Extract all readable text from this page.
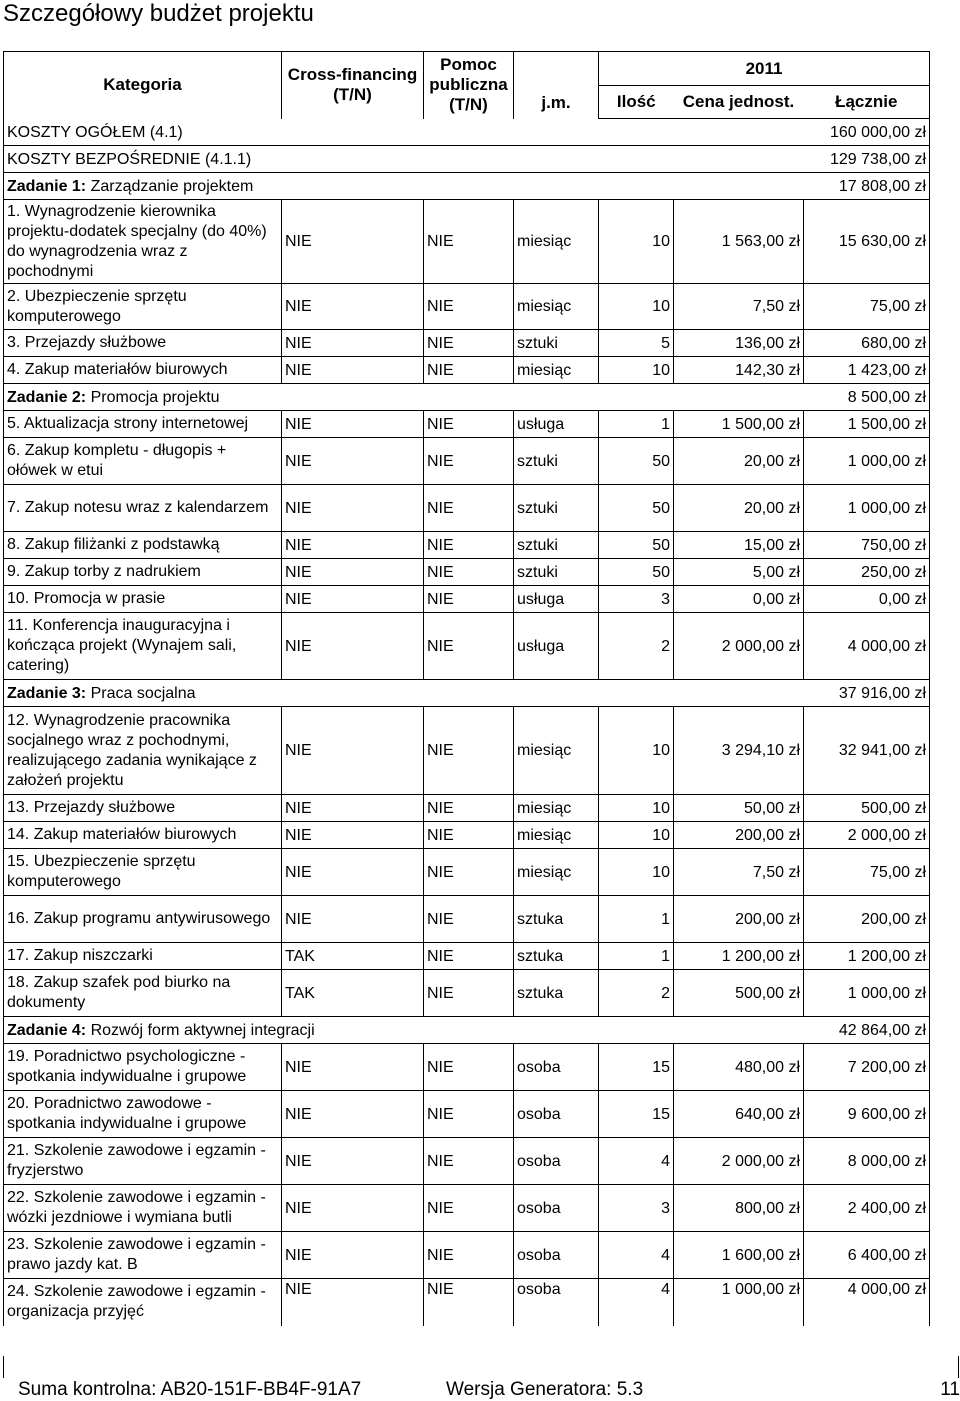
Szczegółowy budżet projektu
Kategoria	Cross-financing (T/N)	Pomoc publiczna (T/N)	j.m.	2011		
				Ilość	Cena jednost.	Łącznie
KOSZTY OGÓŁEM (4.1)						160 000,00 zł
KOSZTY BEZPOŚREDNIE (4.1.1)						129 738,00 zł
Zadanie 1: Zarządzanie projektem						17 808,00 zł
1. Wynagrodzenie kierownika projektu-dodatek specjalny (do 40%) do wynagrodzenia wraz z pochodnymi	NIE	NIE	miesiąc	10	1 563,00 zł	15 630,00 zł
2. Ubezpieczenie sprzętu komputerowego	NIE	NIE	miesiąc	10	7,50 zł	75,00 zł
3. Przejazdy służbowe	NIE	NIE	sztuki	5	136,00 zł	680,00 zł
4. Zakup materiałów biurowych	NIE	NIE	miesiąc	10	142,30 zł	1 423,00 zł
Zadanie 2: Promocja projektu						8 500,00 zł
5. Aktualizacja strony internetowej	NIE	NIE	usługa	1	1 500,00 zł	1 500,00 zł
6. Zakup kompletu - długopis + ołówek w etui	NIE	NIE	sztuki	50	20,00 zł	1 000,00 zł
7. Zakup notesu wraz z kalendarzem	NIE	NIE	sztuki	50	20,00 zł	1 000,00 zł
8. Zakup filiżanki z podstawką	NIE	NIE	sztuki	50	15,00 zł	750,00 zł
9. Zakup torby z nadrukiem	NIE	NIE	sztuki	50	5,00 zł	250,00 zł
10. Promocja w prasie	NIE	NIE	usługa	3	0,00 zł	0,00 zł
11. Konferencja inauguracyjna i kończąca projekt (Wynajem sali, catering)	NIE	NIE	usługa	2	2 000,00 zł	4 000,00 zł
Zadanie 3: Praca socjalna						37 916,00 zł
12. Wynagrodzenie pracownika socjalnego wraz z pochodnymi, realizującego zadania wynikające z założeń projektu	NIE	NIE	miesiąc	10	3 294,10 zł	32 941,00 zł
13. Przejazdy służbowe	NIE	NIE	miesiąc	10	50,00 zł	500,00 zł
14. Zakup materiałów biurowych	NIE	NIE	miesiąc	10	200,00 zł	2 000,00 zł
15. Ubezpieczenie sprzętu komputerowego	NIE	NIE	miesiąc	10	7,50 zł	75,00 zł
16. Zakup programu antywirusowego	NIE	NIE	sztuka	1	200,00 zł	200,00 zł
17. Zakup niszczarki	TAK	NIE	sztuka	1	1 200,00 zł	1 200,00 zł
18. Zakup szafek pod biurko na dokumenty	TAK	NIE	sztuka	2	500,00 zł	1 000,00 zł
Zadanie 4: Rozwój form aktywnej integracji						42 864,00 zł
19. Poradnictwo psychologiczne - spotkania indywidualne i grupowe	NIE	NIE	osoba	15	480,00 zł	7 200,00 zł
20. Poradnictwo zawodowe - spotkania indywidualne i grupowe	NIE	NIE	osoba	15	640,00 zł	9 600,00 zł
21. Szkolenie zawodowe i egzamin - fryzjerstwo	NIE	NIE	osoba	4	2 000,00 zł	8 000,00 zł
22. Szkolenie zawodowe i egzamin - wózki jezdniowe i wymiana butli	NIE	NIE	osoba	3	800,00 zł	2 400,00 zł
23. Szkolenie zawodowe i egzamin - prawo jazdy kat. B	NIE	NIE	osoba	4	1 600,00 zł	6 400,00 zł
24. Szkolenie zawodowe i egzamin - organizacja przyjęć	NIE	NIE	osoba	4	1 000,00 zł	4 000,00 zł
Suma kontrolna: AB20-151F-BB4F-91A7	Wersja Generatora: 5.3	11
